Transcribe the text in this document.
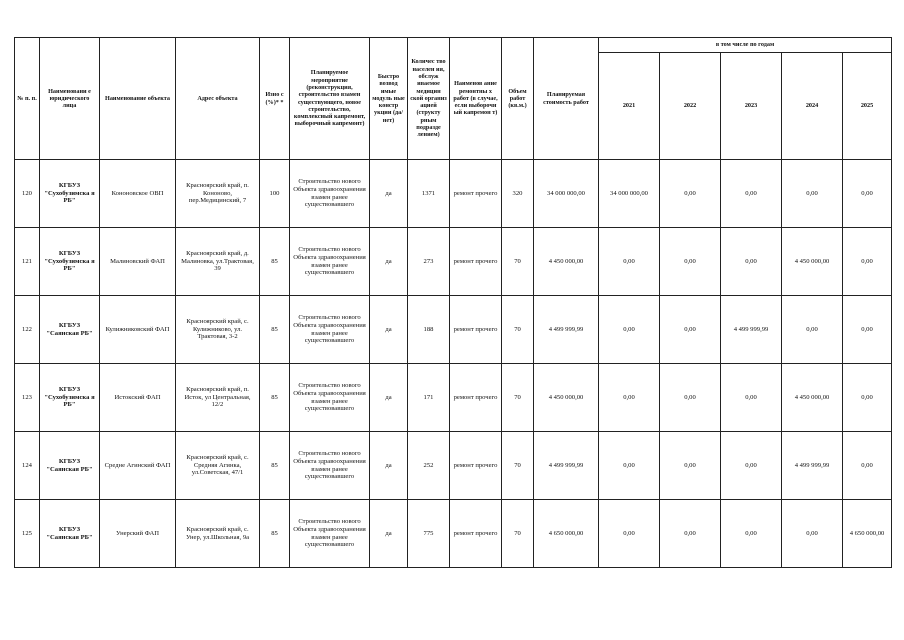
№ п. п.	Наименовани е юридического лица	Наименование объекта	Адрес объекта	Изно с (%)* *	Планируемое мероприятие (реконструкция, строительство взамен существующего, новое строительство, комплексный капремонт, выборочный капремонт)	Быстро возвод имые модуль ные констр укции (да/нет)	Количес тво населен ия, обслуж иваемое медицин ской организ ацией (структу рным подразде лением)	Наименов ание ремонтны х работ (в случае, если выборочн ый капремон т)	Объем работ (кв.м.)	Планируемая стоимость работ	в том числе по годам				
											2021	2022	2023	2024	2025
120	КГБУЗ "Сухобузимска я РБ"	Кононовское ОВП	Красноярский край, п. Кононово, пер.Медицинский, 7	100	Строительство нового Объекта здравоохранения взамен ранее существовавшего	да	1371	ремонт прочего	320	34 000 000,00	34 000 000,00	0,00	0,00	0,00	0,00
121	КГБУЗ "Сухобузимска я РБ"	Малиновский ФАП	Красноярский край, д. Малиновка, ул.Трактовая, 39	85	Строительство нового Объекта здравоохранения взамен ранее существовавшего	да	273	ремонт прочего	70	4 450 000,00	0,00	0,00	0,00	4 450 000,00	0,00
122	КГБУЗ "Саянская РБ"	Кулижниковский ФАП	Красноярский край, с. Кулижниково, ул. Трактовая, 3-2	85	Строительство нового Объекта здравоохранения взамен ранее существовавшего	да	188	ремонт прочего	70	4 499 999,99	0,00	0,00	4 499 999,99	0,00	0,00
123	КГБУЗ "Сухобузимска я РБ"	Истокский ФАП	Красноярский край, п. Исток, ул Центральная, 12/2	85	Строительство нового Объекта здравоохранения взамен ранее существовавшего	да	171	ремонт прочего	70	4 450 000,00	0,00	0,00	0,00	4 450 000,00	0,00
124	КГБУЗ "Саянская РБ"	Средне Агинский ФАП	Красноярский край, с. Средняя Агинка, ул.Советская, 47/1	85	Строительство нового Объекта здравоохранения взамен ранее существовавшего	да	252	ремонт прочего	70	4 499 999,99	0,00	0,00	0,00	4 499 999,99	0,00
125	КГБУЗ "Саянская РБ"	Унерский ФАП	Красноярский край, с. Унер, ул.Школьная, 9а	85	Строительство нового Объекта здравоохранения взамен ранее существовавшего	да	775	ремонт прочего	70	4 650 000,00	0,00	0,00	0,00	0,00	4 650 000,00
